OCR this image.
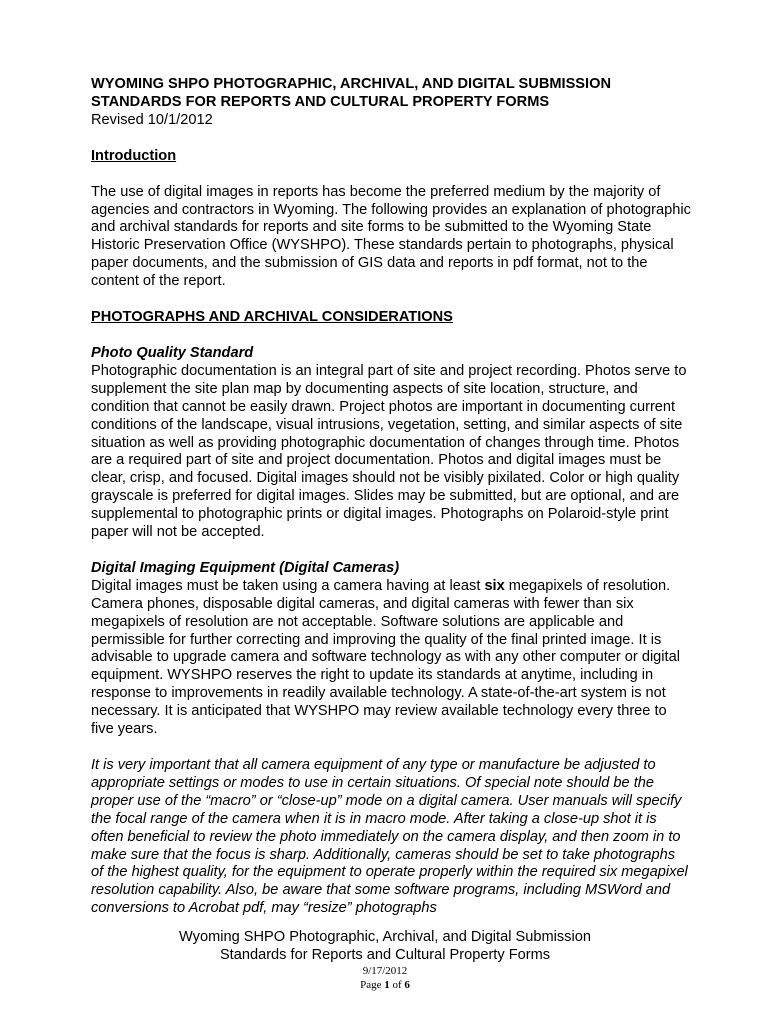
WYOMING SHPO PHOTOGRAPHIC, ARCHIVAL, AND DIGITAL SUBMISSION
STANDARDS FOR REPORTS AND CULTURAL PROPERTY FORMS
Revised 10/1/2012
Introduction
The use of digital images in reports has become the preferred medium by the majority of agencies and contractors in Wyoming. The following provides an explanation of photographic and archival standards for reports and site forms to be submitted to the Wyoming State Historic Preservation Office (WYSHPO). These standards pertain to photographs, physical paper documents, and the submission of GIS data and reports in pdf format, not to the content of the report.
PHOTOGRAPHS AND ARCHIVAL CONSIDERATIONS
Photo Quality Standard
Photographic documentation is an integral part of site and project recording. Photos serve to supplement the site plan map by documenting aspects of site location, structure, and condition that cannot be easily drawn. Project photos are important in documenting current conditions of the landscape, visual intrusions, vegetation, setting, and similar aspects of site situation as well as providing photographic documentation of changes through time. Photos are a required part of site and project documentation. Photos and digital images must be clear, crisp, and focused. Digital images should not be visibly pixilated. Color or high quality grayscale is preferred for digital images. Slides may be submitted, but are optional, and are supplemental to photographic prints or digital images. Photographs on Polaroid-style print paper will not be accepted.
Digital Imaging Equipment (Digital Cameras)
Digital images must be taken using a camera having at least six megapixels of resolution. Camera phones, disposable digital cameras, and digital cameras with fewer than six megapixels of resolution are not acceptable. Software solutions are applicable and permissible for further correcting and improving the quality of the final printed image. It is advisable to upgrade camera and software technology as with any other computer or digital equipment. WYSHPO reserves the right to update its standards at anytime, including in response to improvements in readily available technology. A state-of-the-art system is not necessary. It is anticipated that WYSHPO may review available technology every three to five years.
It is very important that all camera equipment of any type or manufacture be adjusted to appropriate settings or modes to use in certain situations. Of special note should be the proper use of the “macro” or “close-up” mode on a digital camera. User manuals will specify the focal range of the camera when it is in macro mode. After taking a close-up shot it is often beneficial to review the photo immediately on the camera display, and then zoom in to make sure that the focus is sharp. Additionally, cameras should be set to take photographs of the highest quality, for the equipment to operate properly within the required six megapixel resolution capability. Also, be aware that some software programs, including MSWord and conversions to Acrobat pdf, may “resize” photographs
Wyoming SHPO Photographic, Archival, and Digital Submission
Standards for Reports and Cultural Property Forms
9/17/2012
Page 1 of 6
